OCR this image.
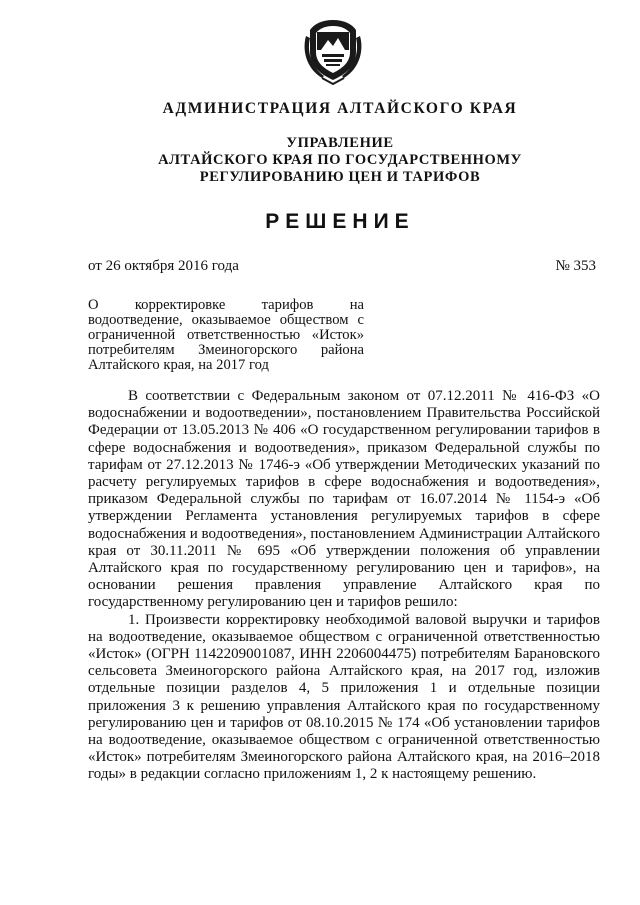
АДМИНИСТРАЦИЯ АЛТАЙСКОГО КРАЯ
УПРАВЛЕНИЕ
АЛТАЙСКОГО КРАЯ ПО ГОСУДАРСТВЕННОМУ
РЕГУЛИРОВАНИЮ ЦЕН И ТАРИФОВ
РЕШЕНИЕ
от 26 октября 2016 года	№ 353
О корректировке тарифов на водоотведение, оказываемое обществом с ограниченной ответственностью «Исток» потребителям Змеиногорского района Алтайского края, на 2017 год

В соответствии с Федеральным законом от 07.12.2011 № 416-ФЗ «О водоснабжении и водоотведении», постановлением Правительства Российской Федерации от 13.05.2013 № 406 «О государственном регулировании тарифов в сфере водоснабжения и водоотведения», приказом Федеральной службы по тарифам от 27.12.2013 № 1746-э «Об утверждении Методических указаний по расчету регулируемых тарифов в сфере водоснабжения и водоотведения», приказом Федеральной службы по тарифам от 16.07.2014 № 1154-э «Об утверждении Регламента установления регулируемых тарифов в сфере водоснабжения и водоотведения», постановлением Администрации Алтайского края от 30.11.2011 № 695 «Об утверждении положения об управлении Алтайского края по государственному регулированию цен и тарифов», на основании решения правления управление Алтайского края по государственному регулированию цен и тарифов решило:

1. Произвести корректировку необходимой валовой выручки и тарифов на водоотведение, оказываемое обществом с ограниченной ответственностью «Исток» (ОГРН 1142209001087, ИНН 2206004475) потребителям Барановского сельсовета Змеиногорского района Алтайского края, на 2017 год, изложив отдельные позиции разделов 4, 5 приложения 1 и отдельные позиции приложения 3 к решению управления Алтайского края по государственному регулированию цен и тарифов от 08.10.2015 № 174 «Об установлении тарифов на водоотведение, оказываемое обществом с ограниченной ответственностью «Исток» потребителям Змеиногорского района Алтайского края, на 2016–2018 годы» в редакции согласно приложениям 1, 2 к настоящему решению.
